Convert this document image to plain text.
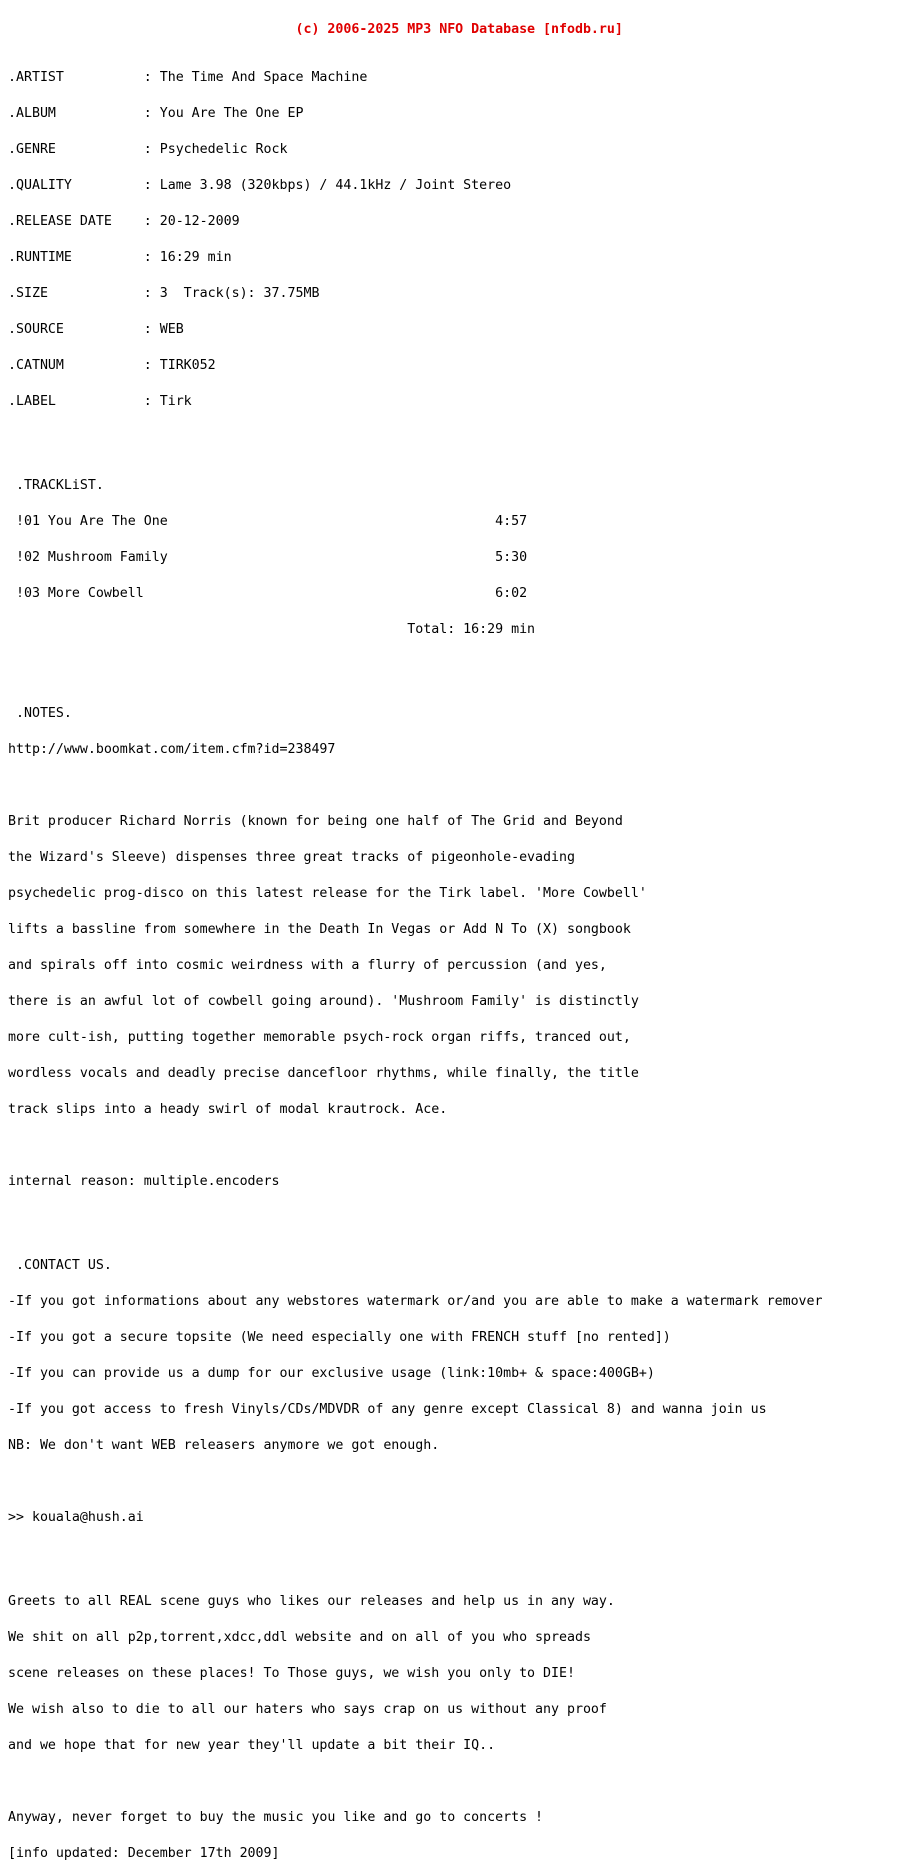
(c) 2006-2025 MP3 NFO Database [nfodb.ru]

.ARTIST          : The Time And Space Machine

.ALBUM           : You Are The One EP

.GENRE           : Psychedelic Rock

.QUALITY         : Lame 3.98 (320kbps) / 44.1kHz / Joint Stereo

.RELEASE DATE    : 20-12-2009

.RUNTIME         : 16:29 min

.SIZE            : 3  Track(s): 37.75MB

.SOURCE          : WEB

.CATNUM          : TIRK052

.LABEL           : Tirk

.TRACKLiST.

!01 You Are The One                                         4:57

!02 Mushroom Family                                         5:30

!03 More Cowbell                                            6:02

Total: 16:29 min

.NOTES.

http://www.boomkat.com/item.cfm?id=238497

Brit producer Richard Norris (known for being one half of The Grid and Beyond

the Wizard's Sleeve) dispenses three great tracks of pigeonhole-evading

psychedelic prog-disco on this latest release for the Tirk label. 'More Cowbell'

lifts a bassline from somewhere in the Death In Vegas or Add N To (X) songbook

and spirals off into cosmic weirdness with a flurry of percussion (and yes,

there is an awful lot of cowbell going around). 'Mushroom Family' is distinctly

more cult-ish, putting together memorable psych-rock organ riffs, tranced out,

wordless vocals and deadly precise dancefloor rhythms, while finally, the title

track slips into a heady swirl of modal krautrock. Ace.

internal reason: multiple.encoders

.CONTACT US.

-If you got informations about any webstores watermark or/and you are able to make a watermark remover

-If you got a secure topsite (We need especially one with FRENCH stuff [no rented])

-If you can provide us a dump for our exclusive usage (link:10mb+ & space:400GB+)

-If you got access to fresh Vinyls/CDs/MDVDR of any genre except Classical 8) and wanna join us

NB: We don't want WEB releasers anymore we got enough.

>> kouala@hush.ai

Greets to all REAL scene guys who likes our releases and help us in any way.

We shit on all p2p,torrent,xdcc,ddl website and on all of you who spreads

scene releases on these places! To Those guys, we wish you only to DIE!

We wish also to die to all our haters who says crap on us without any proof

and we hope that for new year they'll update a bit their IQ..

Anyway, never forget to buy the music you like and go to concerts !

[info updated: December 17th 2009]
